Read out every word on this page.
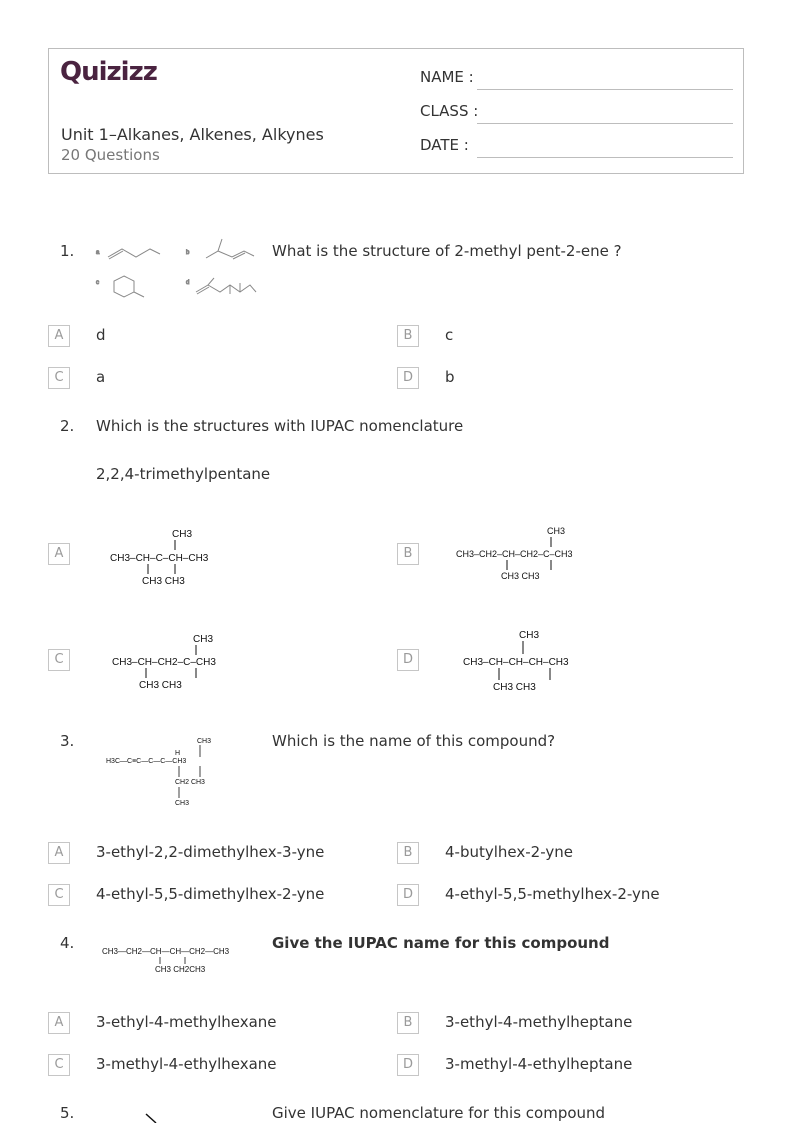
Quizizz
Unit 1–Alkanes, Alkenes, Alkynes
20 Questions
NAME :
CLASS :
DATE :
1.	a	b
c	d
What is the structure of 2-methyl pent-2-ene ?
A	d	B	c
C	a	D	b
2. Which is the structures with IUPAC nomenclature
2,2,4-trimethylpentane
A
CH3
CH3–CH–C–CH–CH3
CH3 CH3
B
CH3
CH3–CH2–CH–CH2–C–CH3
CH3 CH3
C
CH3
CH3–CH–CH2–C–CH3
CH3 CH3
D
CH3
CH3–CH–CH–CH–CH3
CH3 CH3
3.	CH3
H
H3C—C≡C—C—C—CH3
CH2 CH3
CH3
Which is the name of this compound?
A	3-ethyl-2,2-dimethylhex-3-yne	B	4-butylhex-2-yne
C	4-ethyl-5,5-dimethylhex-2-yne	D	4-ethyl-5,5-methylhex-2-yne
4.	CH3—CH2—CH—CH—CH2—CH3
CH3 CH2CH3
Give the IUPAC name for this compound
A	3-ethyl-4-methylhexane	B	3-ethyl-4-methylheptane
C	3-methyl-4-ethylhexane	D	3-methyl-4-ethylheptane
5.	Give IUPAC nomenclature for this compound
